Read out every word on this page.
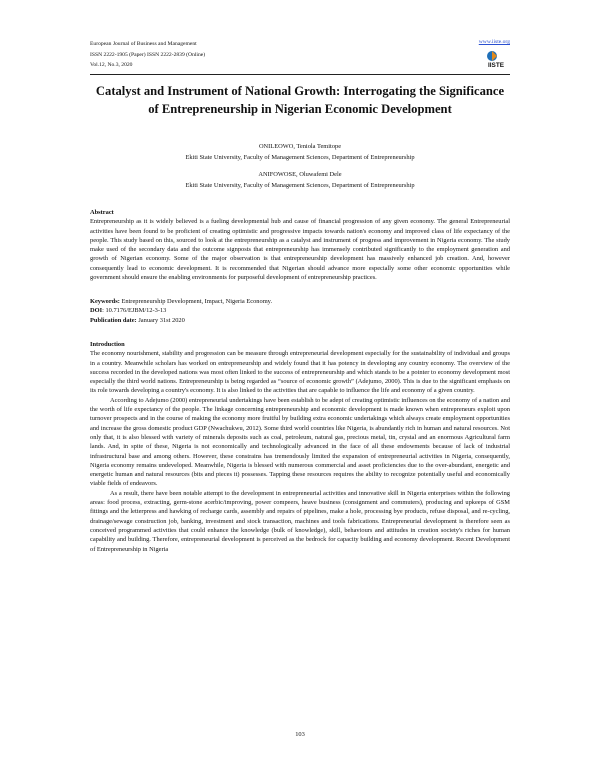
European Journal of Business and Management
ISSN 2222-1905 (Paper) ISSN 2222-2839 (Online)
Vol.12, No.3, 2020
www.iiste.org
IISTE
Catalyst and Instrument of National Growth: Interrogating the Significance of Entrepreneurship in Nigerian Economic Development
ONILEOWO, Teniola Temitope
Ekiti State University, Faculty of Management Sciences, Department of Entrepreneurship
ANIFOWOSE, Oluwafemi Dele
Ekiti State University, Faculty of Management Sciences, Department of Entrepreneurship
Abstract

Entrepreneurship as it is widely believed is a fueling developmental hub and cause of financial progression of any given economy. The general Entrepreneurial activities have been found to be proficient of creating optimistic and progressive impacts towards nation's economy and improved class of life expectancy of the people. This study based on this, sourced to look at the entrepreneurship as a catalyst and instrument of progress and improvement in Nigeria economy. The study make used of the secondary data and the outcome signposts that entrepreneurship has immensely contributed significantly to the employment generation and growth of Nigerian economy. Some of the major observation is that entrepreneurship development has massively enhanced job creation. And, however consequently lead to economic development. It is recommended that Nigerian should advance more especially some other economic opportunities while government should ensure the enabling environments for purposeful development of entrepreneurship practices.

Keywords: Entrepreneurship Development, Impact, Nigeria Economy.
DOI: 10.7176/EJBM/12-3-13
Publication date: January 31st 2020
Introduction

The economy nourishment, stability and progression can be measure through entrepreneurial development especially for the sustainability of individual and groups in a country. Meanwhile scholars has worked on entrepreneurship and widely found that it has potency in developing any country economy. The overview of the success recorded in the developed nations was most often linked to the success of entrepreneurship and which stands to be a pointer to economy development most especially the third world nations. Entrepreneurship is being regarded as “source of economic growth” (Adejumo, 2000). This is due to the significant emphasis on its role towards developing a country's economy. It is also linked to the activities that are capable to influence the life and economy of a given country.

According to Adejumo (2000) entrepreneurial undertakings have been establish to be adept of creating optimistic influences on the economy of a nation and the worth of life expectancy of the people. The linkage concerning entrepreneurship and economic development is made known when entrepreneurs exploit upon turnover prospects and in the course of making the economy more fruitful by building extra economic undertakings which always create employment opportunities and increase the gross domestic product GDP (Nwachukwu, 2012). Some third world countries like Nigeria, is abundantly rich in human and natural resources. Not only that, it is also blessed with variety of minerals deposits such as coal, petroleum, natural gas, precious metal, tin, crystal and an enormous Agricultural farm lands. And, in spite of these, Nigeria is not economically and technologically advanced in the face of all these endowments because of lack of industrial infrastructural base and among others. However, these constrains has tremendously limited the expansion of entrepreneurial activities in Nigeria, consequently, Nigeria economy remains undeveloped. Meanwhile, Nigeria is blessed with numerous commercial and asset proficiencies due to the over-abundant, energetic and energetic human and natural resources (bits and pieces it) possesses. Tapping these resources requires the ability to recognize potentially useful and economically viable fields of endeavors.

As a result, there have been notable attempt to the development in entrepreneurial activities and innovative skill in Nigeria enterprises within the following areas: food process, extracting, germ-stone acerbic/improving, power compeers, heave business (consignment and commuters), producing and upkeeps of GSM fittings and the letterpress and hawking of recharge cards, assembly and repairs of pipelines, make a hole, processing bye products, refuse disposal, and re-cycling, drainage/sewage construction job, banking, investment and stock transaction, machines and tools fabrications. Entrepreneurial development is therefore seen as conceived programmed activities that could enhance the knowledge (bulk of knowledge), skill, behaviours and attitudes in creation society's riches for human capability and building. Therefore, entrepreneurial development is perceived as the bedrock for capacity building and economy development. Recent Development of Entrepreneurship in Nigeria

103
